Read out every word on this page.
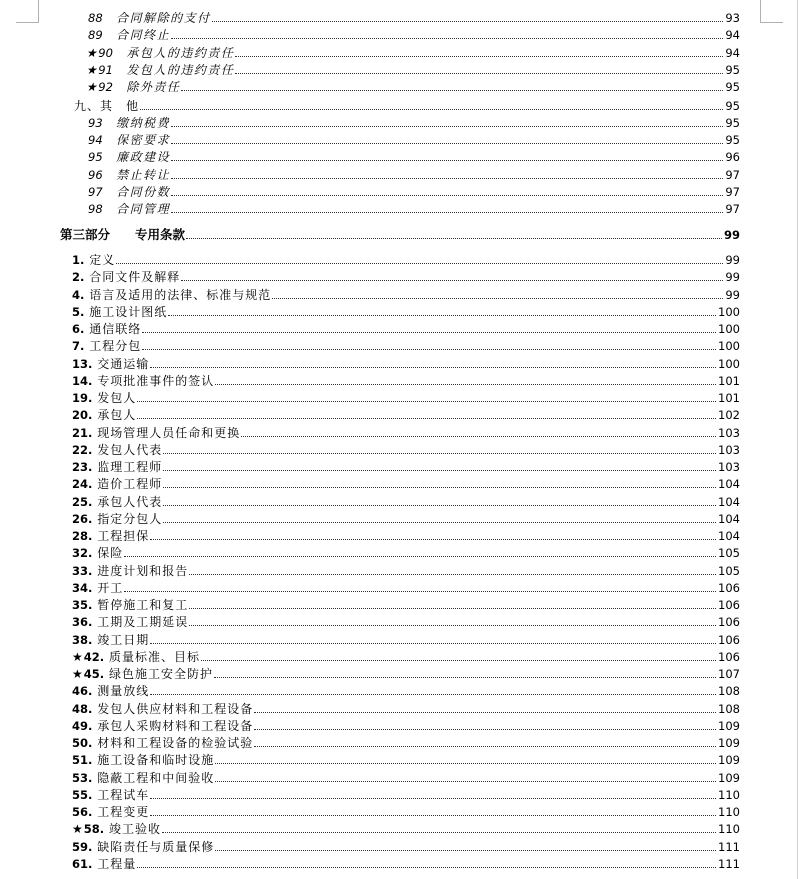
88　合同解除的支付	93
89　合同终止	94
★90　承包人的违约责任	94
★91　发包人的违约责任	95
★92　除外责任	95
九、其　他	95
93　缴纳税费	95
94　保密要求	95
95　廉政建设	96
96　禁止转让	97
97　合同份数	97
98　合同管理	97
第三部分　　专用条款	99
1. 定义	99
2. 合同文件及解释	99
4. 语言及适用的法律、标准与规范	99
5. 施工设计图纸	100
6. 通信联络	100
7. 工程分包	100
13. 交通运输	100
14. 专项批准事件的签认	101
19. 发包人	101
20. 承包人	102
21. 现场管理人员任命和更换	103
22. 发包人代表	103
23. 监理工程师	103
24. 造价工程师	104
25. 承包人代表	104
26. 指定分包人	104
28. 工程担保	104
32. 保险	105
33. 进度计划和报告	105
34. 开工	106
35. 暂停施工和复工	106
36. 工期及工期延误	106
38. 竣工日期	106
★42. 质量标准、目标	106
★45. 绿色施工安全防护	107
46. 测量放线	108
48. 发包人供应材料和工程设备	108
49. 承包人采购材料和工程设备	109
50. 材料和工程设备的检验试验	109
51. 施工设备和临时设施	109
53. 隐蔽工程和中间验收	109
55. 工程试车	110
56. 工程变更	110
★58. 竣工验收	110
59. 缺陷责任与质量保修	111
61. 工程量	111
